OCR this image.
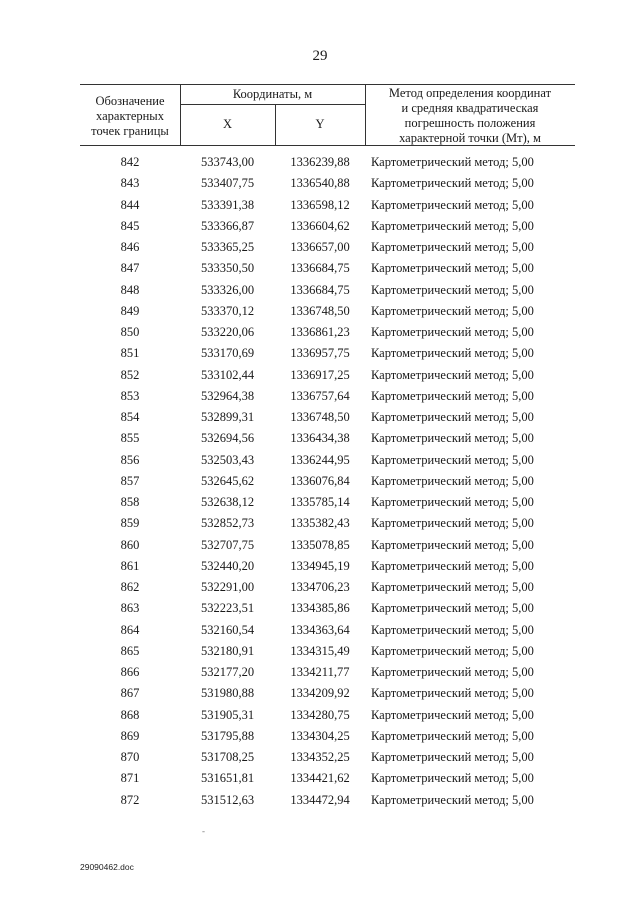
29
Обозначение
характерных
точек границы
Координаты, м
X	Y
Метод определения координат
и средняя квадратическая
погрешность положения
характерной точки (Мт), м
842	533743,00	1336239,88	Картометрический метод; 5,00
843	533407,75	1336540,88	Картометрический метод; 5,00
844	533391,38	1336598,12	Картометрический метод; 5,00
845	533366,87	1336604,62	Картометрический метод; 5,00
846	533365,25	1336657,00	Картометрический метод; 5,00
847	533350,50	1336684,75	Картометрический метод; 5,00
848	533326,00	1336684,75	Картометрический метод; 5,00
849	533370,12	1336748,50	Картометрический метод; 5,00
850	533220,06	1336861,23	Картометрический метод; 5,00
851	533170,69	1336957,75	Картометрический метод; 5,00
852	533102,44	1336917,25	Картометрический метод; 5,00
853	532964,38	1336757,64	Картометрический метод; 5,00
854	532899,31	1336748,50	Картометрический метод; 5,00
855	532694,56	1336434,38	Картометрический метод; 5,00
856	532503,43	1336244,95	Картометрический метод; 5,00
857	532645,62	1336076,84	Картометрический метод; 5,00
858	532638,12	1335785,14	Картометрический метод; 5,00
859	532852,73	1335382,43	Картометрический метод; 5,00
860	532707,75	1335078,85	Картометрический метод; 5,00
861	532440,20	1334945,19	Картометрический метод; 5,00
862	532291,00	1334706,23	Картометрический метод; 5,00
863	532223,51	1334385,86	Картометрический метод; 5,00
864	532160,54	1334363,64	Картометрический метод; 5,00
865	532180,91	1334315,49	Картометрический метод; 5,00
866	532177,20	1334211,77	Картометрический метод; 5,00
867	531980,88	1334209,92	Картометрический метод; 5,00
868	531905,31	1334280,75	Картометрический метод; 5,00
869	531795,88	1334304,25	Картометрический метод; 5,00
870	531708,25	1334352,25	Картометрический метод; 5,00
871	531651,81	1334421,62	Картометрический метод; 5,00
872	531512,63	1334472,94	Картометрический метод; 5,00
-
29090462.doc
